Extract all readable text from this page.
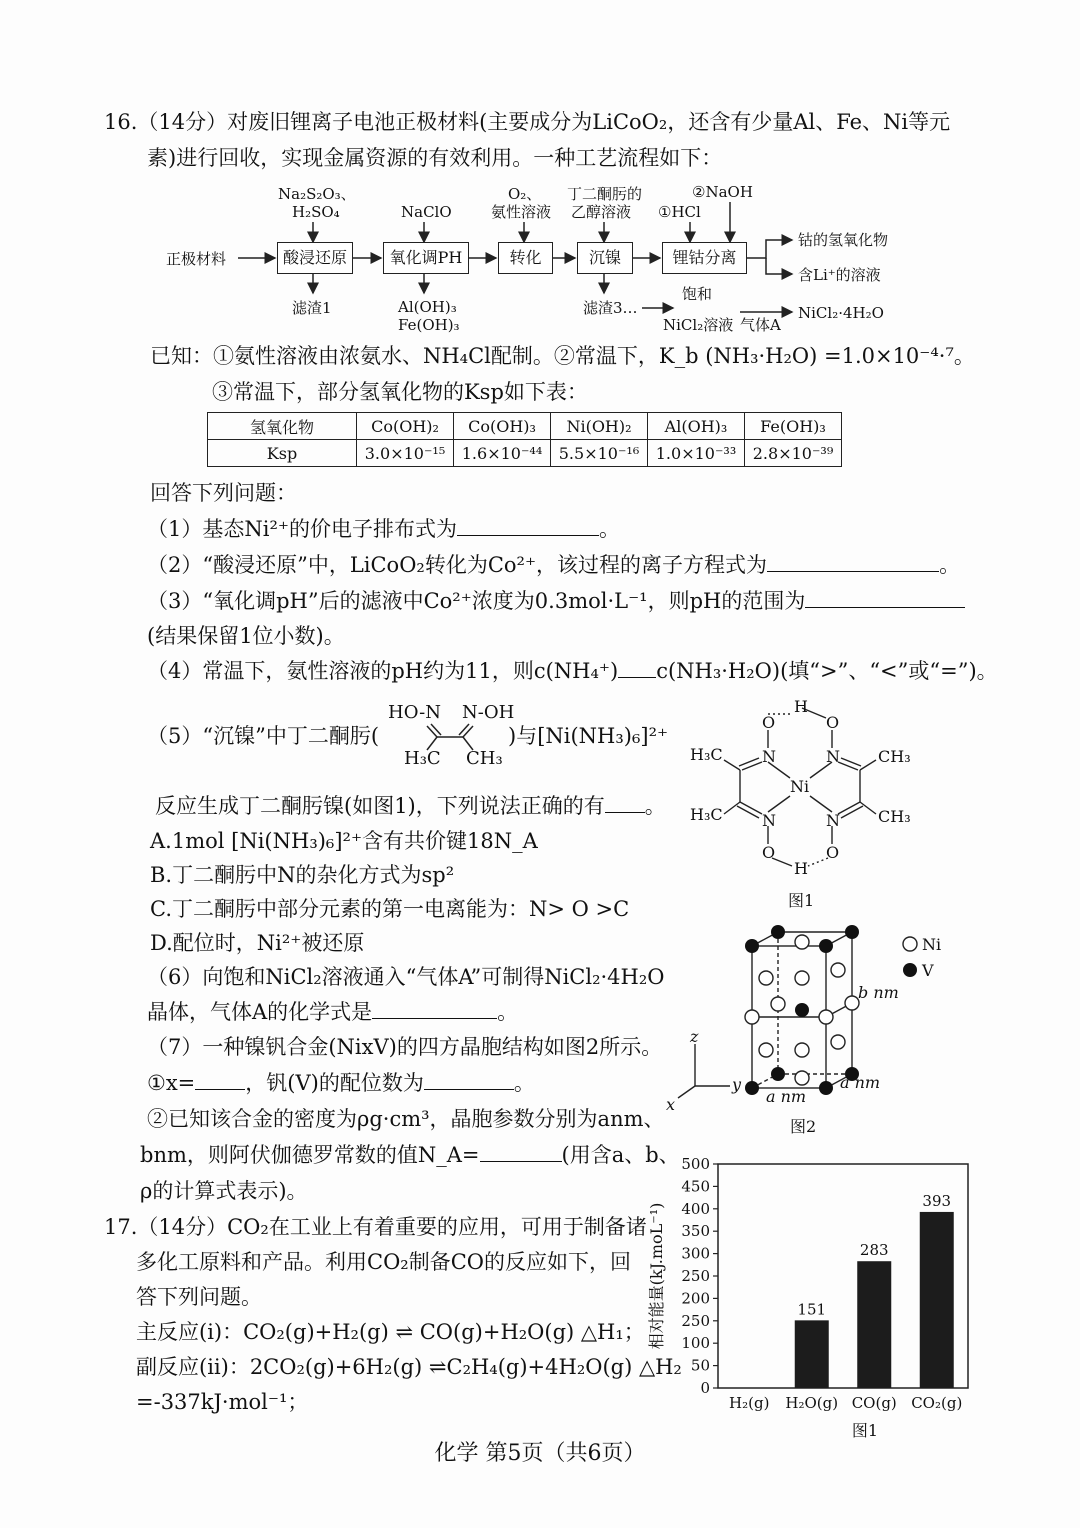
16.（14分）对废旧锂离子电池正极材料(主要成分为LiCoO₂，还含有少量Al、Fe、Ni等元
素)进行回收，实现金属资源的有效利用。一种工艺流程如下：
正极材料	酸浸还原	氧化调PH	转化	沉镍	锂钴分离
Na₂S₂O₃、
H₂SO₄	NaClO
O₂、
氨性溶液
丁二酮肟的
乙醇溶液
②NaOH
①HCl
滤渣1	Al(OH)₃
Fe(OH)₃
滤渣3…
饱和
NiCl₂溶液 气体A
NiCl₂·4H₂O
钴的氢氧化物
含Li⁺的溶液
已知：①氨性溶液由浓氨水、NH₄Cl配制。②常温下，K_b (NH₃·H₂O) =1.0×10⁻⁴·⁷。
③常温下，部分氢氧化物的Ksp如下表：
氢氧化物	Co(OH)₂	Co(OH)₃	Ni(OH)₂	Al(OH)₃	Fe(OH)₃
Ksp	3.0×10⁻¹⁵	1.6×10⁻⁴⁴	5.5×10⁻¹⁶	1.0×10⁻³³	2.8×10⁻³⁹
回答下列问题：
（1）基态Ni²⁺的价电子排布式为	。
（2）“酸浸还原”中，LiCoO₂转化为Co²⁺，该过程的离子方程式为	。
（3）“氧化调pH”后的滤液中Co²⁺浓度为0.3mol·L⁻¹，则pH的范围为
(结果保留1位小数)。
（4）常温下，氨性溶液的pH约为11，则c(NH₄⁺) c(NH₃·H₂O)(填“>”、“<”或“=”)。
（5）“沉镍”中丁二酮肟(
HO-N N-OH
H₃C CH₃
)与[Ni(NH₃)₆]²⁺
反应生成丁二酮肟镍(如图1)，下列说法正确的有 。
A.1mol [Ni(NH₃)₆]²⁺含有共价键18N_A
B.丁二酮肟中N的杂化方式为sp²
C.丁二酮肟中部分元素的第一电离能为：N> O >C
D.配位时，Ni²⁺被还原
（6）向饱和NiCl₂溶液通入“气体A”可制得NiCl₂·4H₂O
晶体，气体A的化学式是	。
（7）一种镍钒合金(NixV)的四方晶胞结构如图2所示。
①x= ，钒(V)的配位数为	。
②已知该合金的密度为ρg·cm³，晶胞参数分别为anm、
bnm，则阿伏伽德罗常数的值N_A=	(用含a、b、
ρ的计算式表示)。
H
O	O
N	N
Ni
N	N
O	O
H
H₃C	CH₃
H₃C	CH₃
图1
Ni
V
b nm
a nm
a nm
z
y
x
图2
500
450
400
350
300
250
200
250
100
50
0
H₂(g)
151
H₂O(g)
283
CO(g)
393
CO₂(g)
相对能量(kJ.moL⁻¹)
图1
17.（14分）CO₂在工业上有着重要的应用，可用于制备诸
多化工原料和产品。利用CO₂制备CO的反应如下，回
答下列问题。
主反应(ⅰ)：CO₂(g)+H₂(g) ⇌ CO(g)+H₂O(g) △H₁；
副反应(ⅱ)：2CO₂(g)+6H₂(g) ⇌C₂H₄(g)+4H₂O(g) △H₂
=-337kJ·mol⁻¹；
化学 第5页（共6页）
